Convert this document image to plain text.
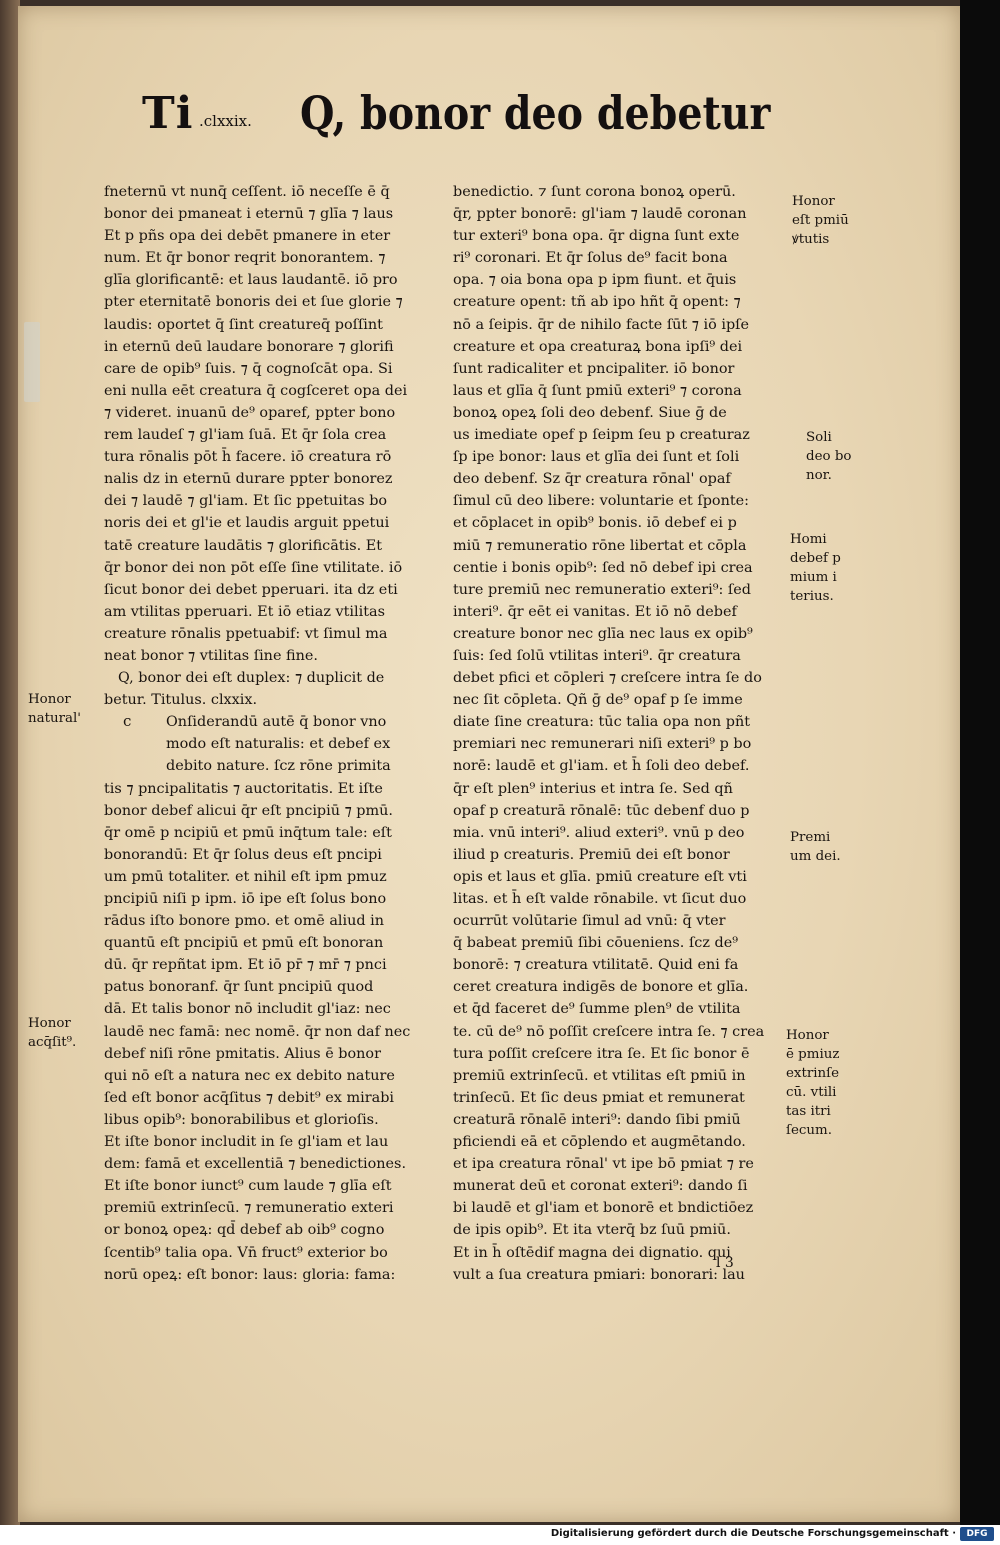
Ti .clxxix. Q, bonor deo debetur
fneternū vt nunq̄ ceſſent. iō neceſſe ē q̄
bonor dei pmaneat i eternū ⁊ glīa ⁊ laus
Et p pñs opa dei debēt pmanere in eter
num. Et q̄r bonor reqrit bonorantem. ⁊
glīa glorificantē: et laus laudantē. iō pro
pter eternitatē bonoris dei et ſue glorie ⁊
laudis: oportet q̄ ſint creatureq̄ poſſint
in eternū deū laudare bonorare ⁊ glorifi
care de opib⁹ ſuis. ⁊ q̄ cognoſcāt opa. Si
eni nulla eēt creatura q̄ cogſceret opa dei
⁊ videret. inuanū de⁹ oparef, ppter bono
rem laudeſ ⁊ gl'iam ſuā. Et q̄r ſola crea
tura rōnalis pōt h̄ facere. iō creatura rō
nalis dz in eternū durare ppter bonorez
dei ⁊ laudē ⁊ gl'iam. Et ſic ppetuitas bo
noris dei et gl'ie et laudis arguit ppetui
tatē creature laudātis ⁊ glorificātis. Et
q̄r bonor dei non pōt eſſe ſine vtilitate. iō
ſicut bonor dei debet pperuari. ita dz eti
am vtilitas pperuari. Et iō etiaz vtilitas
creature rōnalis ppetuabif: vt ſimul ma
neat bonor ⁊ vtilitas ſine fine.
Q, bonor dei eſt duplex: ⁊ duplicit de
betur. Titulus. clxxix.
Onſiderandū autē q̄ bonor vno
modo eſt naturalis: et debef ex
debito nature. ſcz rōne primita
tis ⁊ pncipalitatis ⁊ auctoritatis. Et iſte
bonor debef alicui q̄r eſt pncipiū ⁊ pmū.
q̄r omē p ncipiū et pmū inq̄tum tale: eſt
bonorandū: Et q̄r ſolus deus eſt pncipi
um pmū totaliter. et nihil eſt ipm pmuz
pncipiū niſi p ipm. iō ipe eſt ſolus bono
rādus iſto bonore pmo. et omē aliud in
quantū eſt pncipiū et pmū eſt bonoran
dū. q̄r repñtat ipm. Et iō pr̄ ⁊ mr̄ ⁊ pnci
patus bonoranf. q̄r ſunt pncipiū quod
dā. Et talis bonor nō includit gl'iaz: nec
laudē nec famā: nec nomē. q̄r non daf nec
debef niſi rōne pmitatis. Alius ē bonor
qui nō eſt a natura nec ex debito nature
ſed eſt bonor acq̄ſitus ⁊ debit⁹ ex mirabi
libus opib⁹: bonorabilibus et glorioſis.
Et iſte bonor includit in ſe gl'iam et lau
dem: famā et excellentiā ⁊ benedictiones.
Et iſte bonor iunct⁹ cum laude ⁊ glīa eſt
premiū extrinſecū. ⁊ remuneratio exteri
or bonoꝝ opeꝝ: qd̄ debef ab oib⁹ cogno
ſcentib⁹ talia opa. Vn̄ fruct⁹ exterior bo
norū opeꝝ: eſt bonor: laus: gloria: fama:
c
benedictio. ⁊ ſunt corona bonoꝝ operū.
q̄r, ppter bonorē: gl'iam ⁊ laudē coronan
tur exteri⁹ bona opa. q̄r digna ſunt exte
ri⁹ coronari. Et q̄r ſolus de⁹ facit bona
opa. ⁊ oia bona opa p ipm fiunt. et q̄uis
creature opent: tñ ab ipo hñt q̄ opent: ⁊
nō a ſeipis. q̄r de nihilo facte ſūt ⁊ iō ipſe
creature et opa creaturaꝝ bona ipſi⁹ dei
ſunt radicaliter et pncipaliter. iō bonor
laus et glīa q̄ ſunt pmiū exteri⁹ ⁊ corona
bonoꝝ opeꝝ ſoli deo debenf. Siue ḡ de
us imediate opef p ſeipm ſeu p creaturaz
ſp ipe bonor: laus et glīa dei ſunt et ſoli
deo debenf. Sz q̄r creatura rōnal' opaf
ſimul cū deo libere: voluntarie et ſponte:
et cōplacet in opib⁹ bonis. iō debef ei p
miū ⁊ remuneratio rōne libertat et cōpla
centie i bonis opib⁹: ſed nō debef ipi crea
ture premiū nec remuneratio exteri⁹: ſed
interi⁹. q̄r eēt ei vanitas. Et iō nō debef
creature bonor nec glīa nec laus ex opib⁹
ſuis: ſed ſolū vtilitas interi⁹. q̄r creatura
debet pfici et cōpleri ⁊ creſcere intra ſe do
nec ſit cōpleta. Qñ ḡ de⁹ opaf p ſe imme
diate ſine creatura: tūc talia opa non pñt
premiari nec remunerari niſi exteri⁹ p bo
norē: laudē et gl'iam. et h̄ ſoli deo debef.
q̄r eſt plen⁹ interius et intra ſe. Sed qñ
opaf p creaturā rōnalē: tūc debenf duo p
mia. vnū interi⁹. aliud exteri⁹. vnū p deo
iliud p creaturis. Premiū dei eſt bonor
opis et laus et glīa. pmiū creature eſt vti
litas. et h̄ eſt valde rōnabile. vt ſicut duo
ocurrūt volūtarie ſimul ad vnū: q̄ vter
q̄ babeat premiū ſibi cōueniens. ſcz de⁹
bonorē: ⁊ creatura vtilitatē. Quid eni fa
ceret creatura indigēs de bonore et glīa.
et q̄d faceret de⁹ ſumme plen⁹ de vtilita
te. cū de⁹ nō poſſit creſcere intra ſe. ⁊ crea
tura poſſit creſcere itra ſe. Et ſic bonor ē
premiū extrinſecū. et vtilitas eſt pmiū in
trinſecū. Et ſic deus pmiat et remunerat
creaturā rōnalē interi⁹: dando ſibi pmiū
pficiendi eā et cōplendo et augmētando.
et ipa creatura rōnal' vt ipe bō pmiat ⁊ re
munerat deū et coronat exteri⁹: dando ſi
bi laudē et gl'iam et bonorē et bndictiōez
de ipis opib⁹. Et ita vterq̄ bz ſuū pmiū.
Et in h̄ oſtēdif magna dei dignatio. qui
vult a ſua creatura pmiari: bonorari: lau
Honor
eſt pmiū
ꝟtutis
Soli
deo bo
nor.
Homi
debef p
mium i
terius.
Premi
um dei.
Honor
ē pmiuz
extrinſe
cū. vtili
tas itri
ſecum.
Honor
natural'
Honor
acq̄ſit⁹.
l 3
Digitalisierung gefördert durch die Deutsche Forschungsgemeinschaft ·	DFG
